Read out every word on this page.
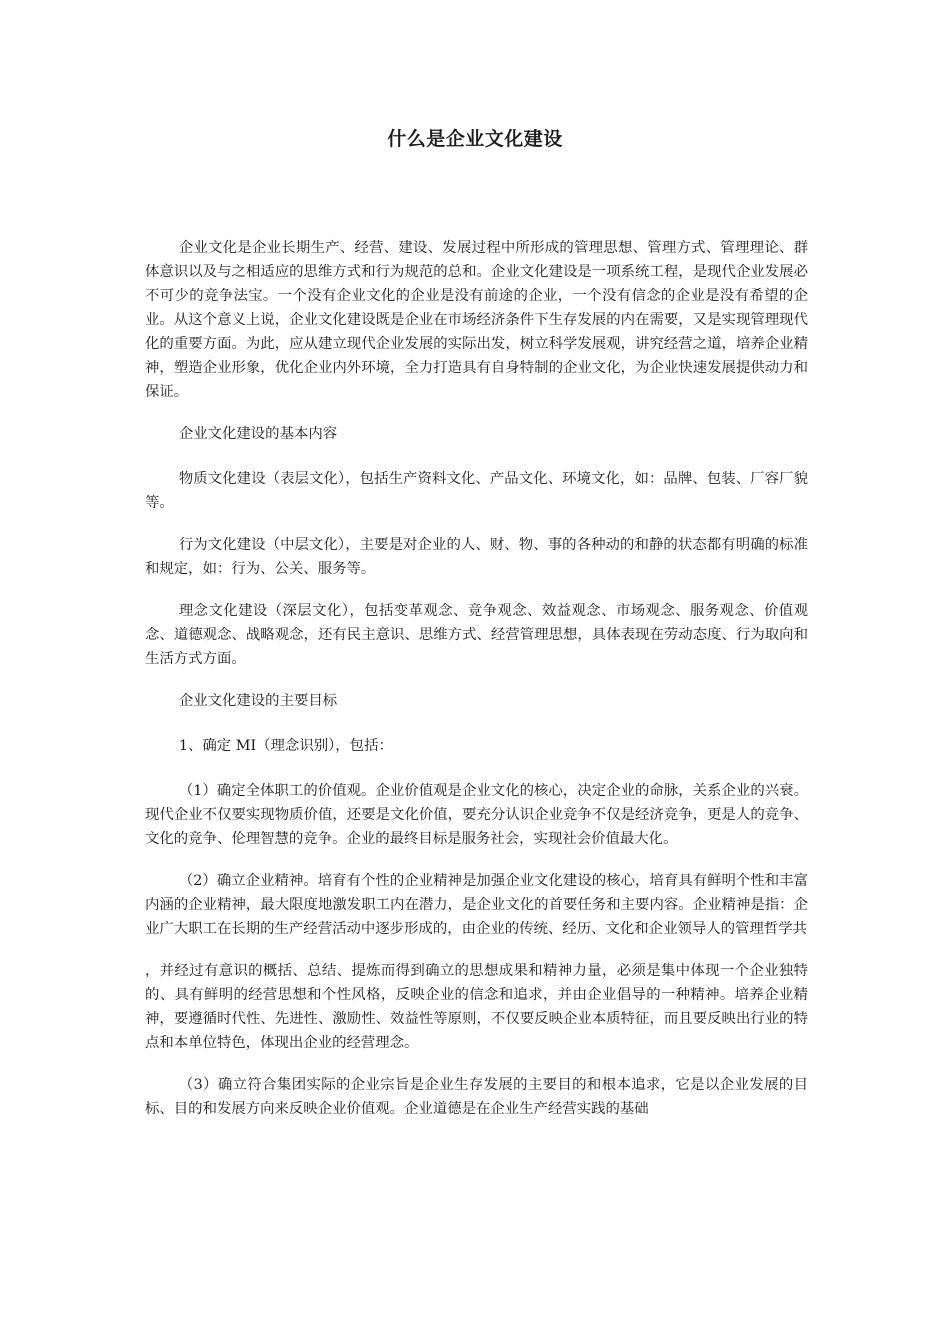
什么是企业文化建设

企业文化是企业长期生产、经营、建设、发展过程中所形成的管理思想、管理方式、管理理论、群体意识以及与之相适应的思维方式和行为规范的总和。企业文化建设是一项系统工程，是现代企业发展必不可少的竞争法宝。一个没有企业文化的企业是没有前途的企业，一个没有信念的企业是没有希望的企业。从这个意义上说，企业文化建设既是企业在市场经济条件下生存发展的内在需要，又是实现管理现代化的重要方面。为此，应从建立现代企业发展的实际出发，树立科学发展观，讲究经营之道，培养企业精神，塑造企业形象，优化企业内外环境，全力打造具有自身特制的企业文化，为企业快速发展提供动力和保证。

企业文化建设的基本内容

物质文化建设（表层文化），包括生产资料文化、产品文化、环境文化，如：品牌、包装、厂容厂貌等。

行为文化建设（中层文化），主要是对企业的人、财、物、事的各种动的和静的状态都有明确的标准和规定，如：行为、公关、服务等。

理念文化建设（深层文化），包括变革观念、竞争观念、效益观念、市场观念、服务观念、价值观念、道德观念、战略观念，还有民主意识、思维方式、经营管理思想，具体表现在劳动态度、行为取向和生活方式方面。

企业文化建设的主要目标

1、确定 MI（理念识别），包括：

（1）确定全体职工的价值观。企业价值观是企业文化的核心，决定企业的命脉，关系企业的兴衰。现代企业不仅要实现物质价值，还要是文化价值，要充分认识企业竞争不仅是经济竞争，更是人的竞争、文化的竞争、伦理智慧的竞争。企业的最终目标是服务社会，实现社会价值最大化。

（2）确立企业精神。培育有个性的企业精神是加强企业文化建设的核心，培育具有鲜明个性和丰富内涵的企业精神，最大限度地激发职工内在潜力，是企业文化的首要任务和主要内容。企业精神是指：企业广大职工在长期的生产经营活动中逐步形成的，由企业的传统、经历、文化和企业领导人的管理哲学共

，并经过有意识的概括、总结、提炼而得到确立的思想成果和精神力量，必须是集中体现一个企业独特的、具有鲜明的经营思想和个性风格，反映企业的信念和追求，并由企业倡导的一种精神。培养企业精神，要遵循时代性、先进性、激励性、效益性等原则，不仅要反映企业本质特征，而且要反映出行业的特点和本单位特色，体现出企业的经营理念。

（3）确立符合集团实际的企业宗旨是企业生存发展的主要目的和根本追求，它是以企业发展的目标、目的和发展方向来反映企业价值观。企业道德是在企业生产经营实践的基础
